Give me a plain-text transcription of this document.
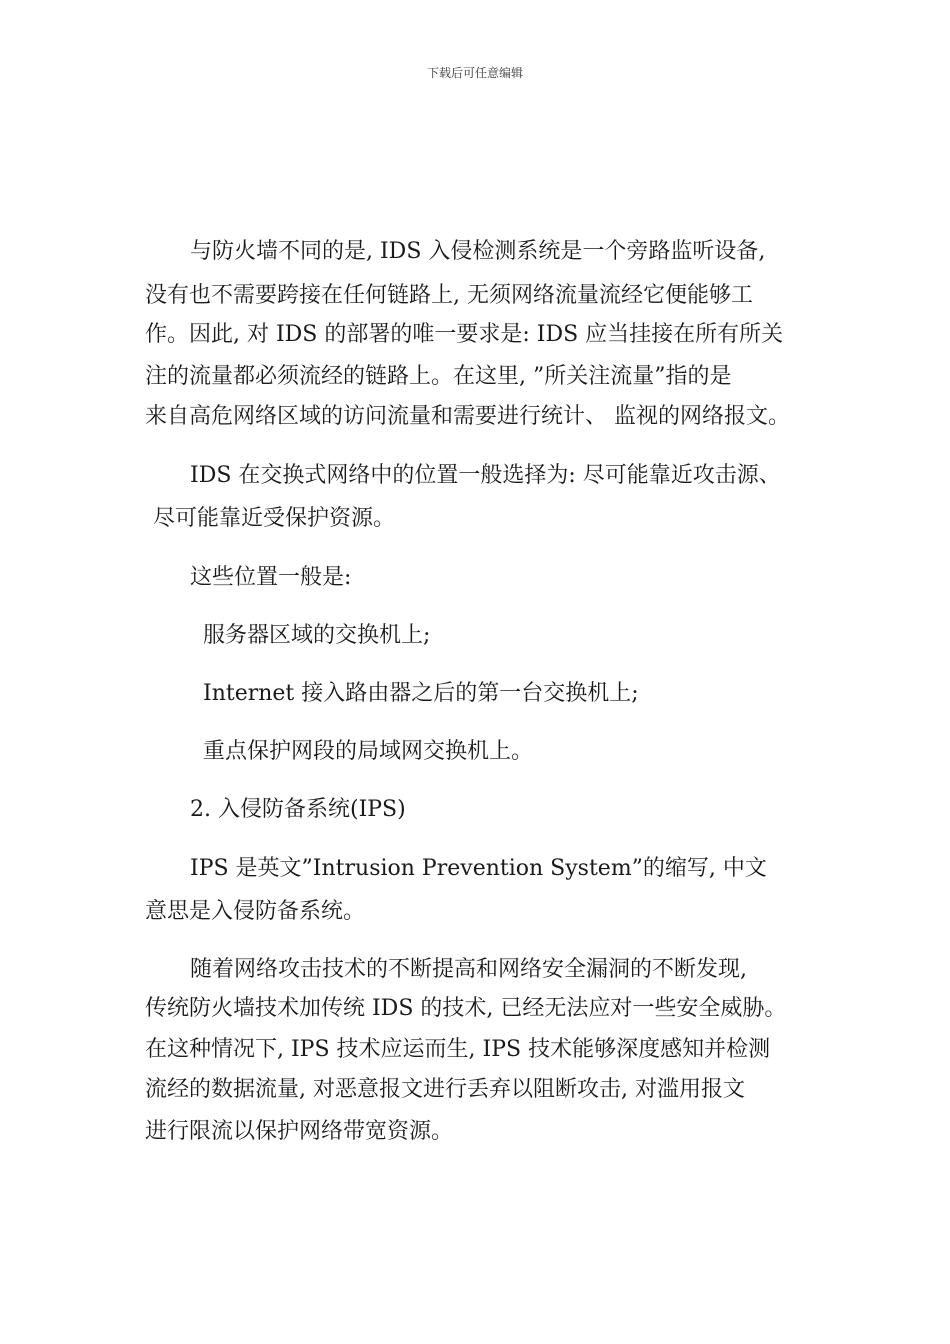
下载后可任意编辑
与防火墙不同的是, IDS 入侵检测系统是一个旁路监听设备,
没有也不需要跨接在任何链路上, 无须网络流量流经它便能够工
作。因此, 对 IDS 的部署的唯一要求是: IDS 应当挂接在所有所关
注的流量都必须流经的链路上。在这里, ”所关注流量”指的是
来自高危网络区域的访问流量和需要进行统计、 监视的网络报文。
IDS 在交换式网络中的位置一般选择为: 尽可能靠近攻击源、
尽可能靠近受保护资源。
这些位置一般是:
服务器区域的交换机上;
Internet 接入路由器之后的第一台交换机上;
重点保护网段的局域网交换机上。
2. 入侵防备系统(IPS)
IPS 是英文”Intrusion Prevention System”的缩写, 中文
意思是入侵防备系统。
随着网络攻击技术的不断提高和网络安全漏洞的不断发现,
传统防火墙技术加传统 IDS 的技术, 已经无法应对一些安全威胁。
在这种情况下, IPS 技术应运而生, IPS 技术能够深度感知并检测
流经的数据流量, 对恶意报文进行丢弃以阻断攻击, 对滥用报文
进行限流以保护网络带宽资源。
